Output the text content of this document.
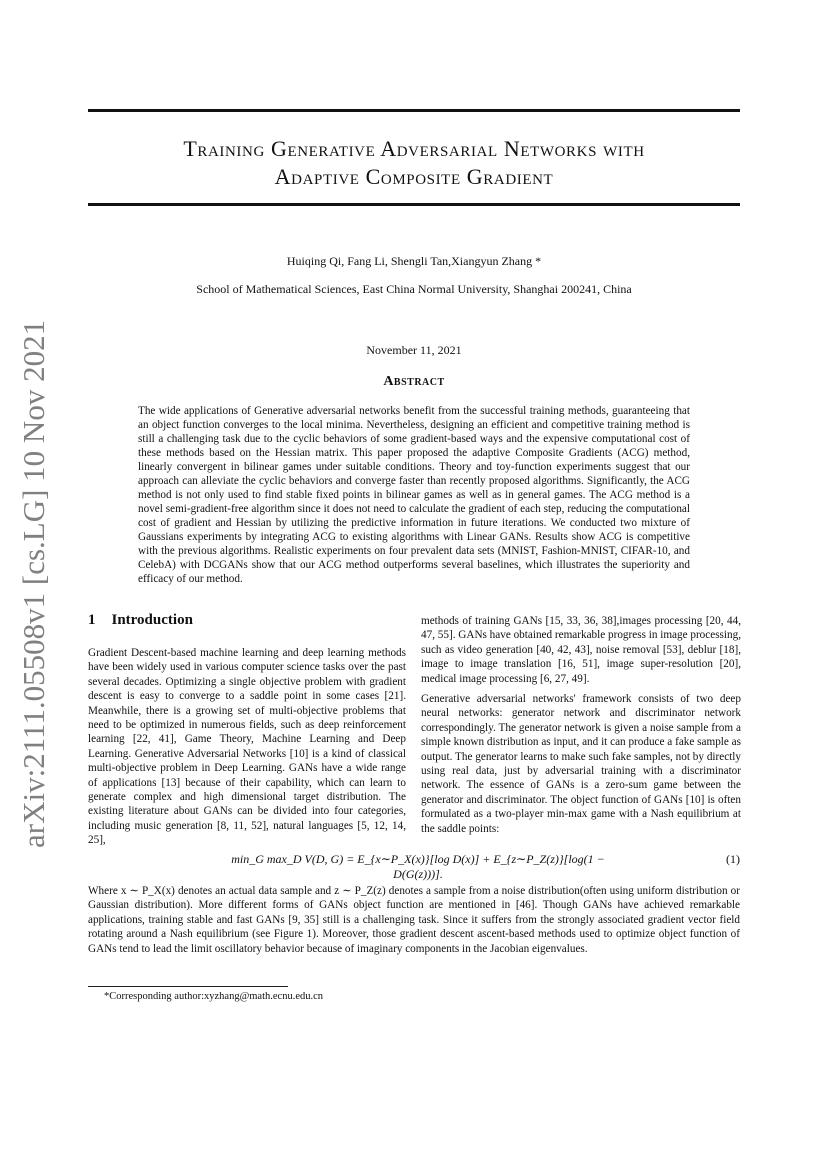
arXiv:2111.05508v1 [cs.LG] 10 Nov 2021
Training Generative Adversarial Networks with
Adaptive Composite Gradient
Huiqing Qi, Fang Li, Shengli Tan,Xiangyun Zhang *
School of Mathematical Sciences, East China Normal University, Shanghai 200241, China
November 11, 2021
Abstract
The wide applications of Generative adversarial networks benefit from the successful training methods, guaranteeing that an object function converges to the local minima. Nevertheless, designing an efficient and competitive training method is still a challenging task due to the cyclic behaviors of some gradient-based ways and the expensive computational cost of these methods based on the Hessian matrix. This paper proposed the adaptive Composite Gradients (ACG) method, linearly convergent in bilinear games under suitable conditions. Theory and toy-function experiments suggest that our approach can alleviate the cyclic behaviors and converge faster than recently proposed algorithms. Significantly, the ACG method is not only used to find stable fixed points in bilinear games as well as in general games. The ACG method is a novel semi-gradient-free algorithm since it does not need to calculate the gradient of each step, reducing the computational cost of gradient and Hessian by utilizing the predictive information in future iterations. We conducted two mixture of Gaussians experiments by integrating ACG to existing algorithms with Linear GANs. Results show ACG is competitive with the previous algorithms. Realistic experiments on four prevalent data sets (MNIST, Fashion-MNIST, CIFAR-10, and CelebA) with DCGANs show that our ACG method outperforms several baselines, which illustrates the superiority and efficacy of our method.
1 Introduction

Gradient Descent-based machine learning and deep learning methods have been widely used in various computer science tasks over the past several decades. Optimizing a single objective problem with gradient descent is easy to converge to a saddle point in some cases [21]. Meanwhile, there is a growing set of multi-objective problems that need to be optimized in numerous fields, such as deep reinforcement learning [22, 41], Game Theory, Machine Learning and Deep Learning. Generative Adversarial Networks [10] is a kind of classical multi-objective problem in Deep Learning. GANs have a wide range of applications [13] because of their capability, which can learn to generate complex and high dimensional target distribution. The existing literature about GANs can be divided into four categories, including music generation [8, 11, 52], natural languages [5, 12, 14, 25],

methods of training GANs [15, 33, 36, 38],images processing [20, 44, 47, 55]. GANs have obtained remarkable progress in image processing, such as video generation [40, 42, 43], noise removal [53], deblur [18], image to image translation [16, 51], image super-resolution [20], medical image processing [6, 27, 49].

Generative adversarial networks' framework consists of two deep neural networks: generator network and discriminator network correspondingly. The generator network is given a noise sample from a simple known distribution as input, and it can produce a fake sample as output. The generator learns to make such fake samples, not by directly using real data, just by adversarial training with a discriminator network. The essence of GANs is a zero-sum game between the generator and discriminator. The object function of GANs [10] is often formulated as a two-player min-max game with a Nash equilibrium at the saddle points:

min_G max_D V(D, G) = E_{x∼P_X(x)}[log D(x)] + E_{z∼P_Z(z)}[log(1 − D(G(z)))].
(1)
Where x ∼ P_X(x) denotes an actual data sample and z ∼ P_Z(z) denotes a sample from a noise distribution(often using uniform distribution or Gaussian distribution). More different forms of GANs object function are mentioned in [46]. Though GANs have achieved remarkable applications, training stable and fast GANs [9, 35] still is a challenging task. Since it suffers from the strongly associated gradient vector field rotating around a Nash equilibrium (see Figure 1). Moreover, those gradient descent ascent-based methods used to optimize object function of GANs tend to lead the limit oscillatory behavior because of imaginary components in the Jacobian eigenvalues.
*Corresponding author:xyzhang@math.ecnu.edu.cn
